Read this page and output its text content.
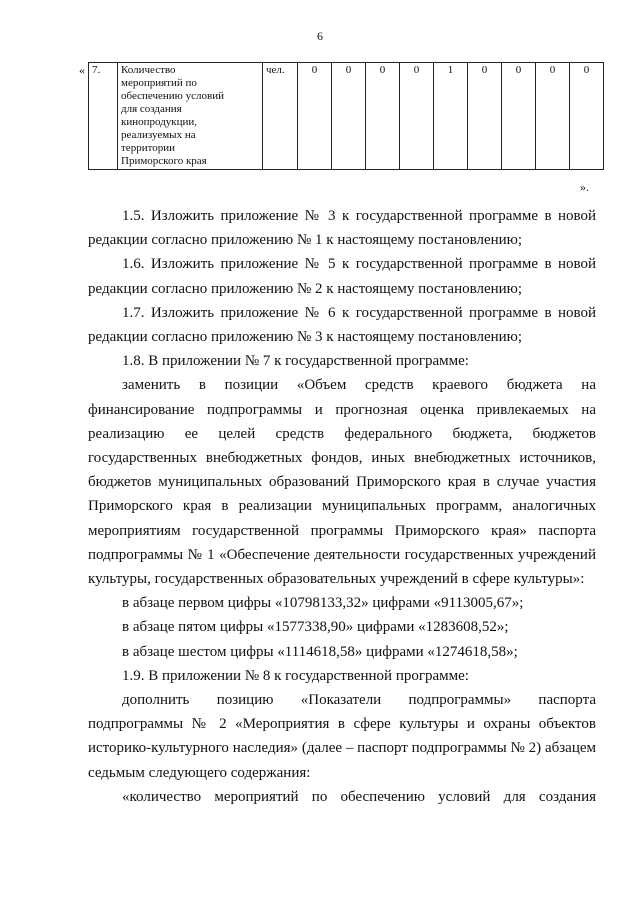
6
« 7.	Количество
мероприятий по
обеспечению условий
для создания
кинопродукции,
реализуемых на
территории
Приморского края
	чел.	0	0	0	0	1	0	0	0	0
».

1.5. Изложить приложение № 3 к государственной программе в новой редакции согласно приложению № 1 к настоящему постановлению;

1.6. Изложить приложение № 5 к государственной программе в новой редакции согласно приложению № 2 к настоящему постановлению;

1.7. Изложить приложение № 6 к государственной программе в новой редакции согласно приложению № 3 к настоящему постановлению;

1.8. В приложении № 7 к государственной программе:

заменить в позиции «Объем средств краевого бюджета на финансирование подпрограммы и прогнозная оценка привлекаемых на реализацию ее целей средств федерального бюджета, бюджетов государственных внебюджетных фондов, иных внебюджетных источников, бюджетов муниципальных образований Приморского края в случае участия Приморского края в реализации муниципальных программ, аналогичных мероприятиям государственной программы Приморского края» паспорта подпрограммы № 1 «Обеспечение деятельности государственных учреждений культуры, государственных образовательных учреждений в сфере культуры»:

в абзаце первом цифры «10798133,32» цифрами «9113005,67»;

в абзаце пятом цифры «1577338,90» цифрами «1283608,52»;

в абзаце шестом цифры «1114618,58» цифрами «1274618,58»;

1.9. В приложении № 8 к государственной программе:

дополнить позицию «Показатели подпрограммы» паспорта подпрограммы № 2 «Мероприятия в сфере культуры и охраны объектов историко-культурного наследия» (далее – паспорт подпрограммы № 2) абзацем седьмым следующего содержания:

«количество мероприятий по обеспечению условий для создания
